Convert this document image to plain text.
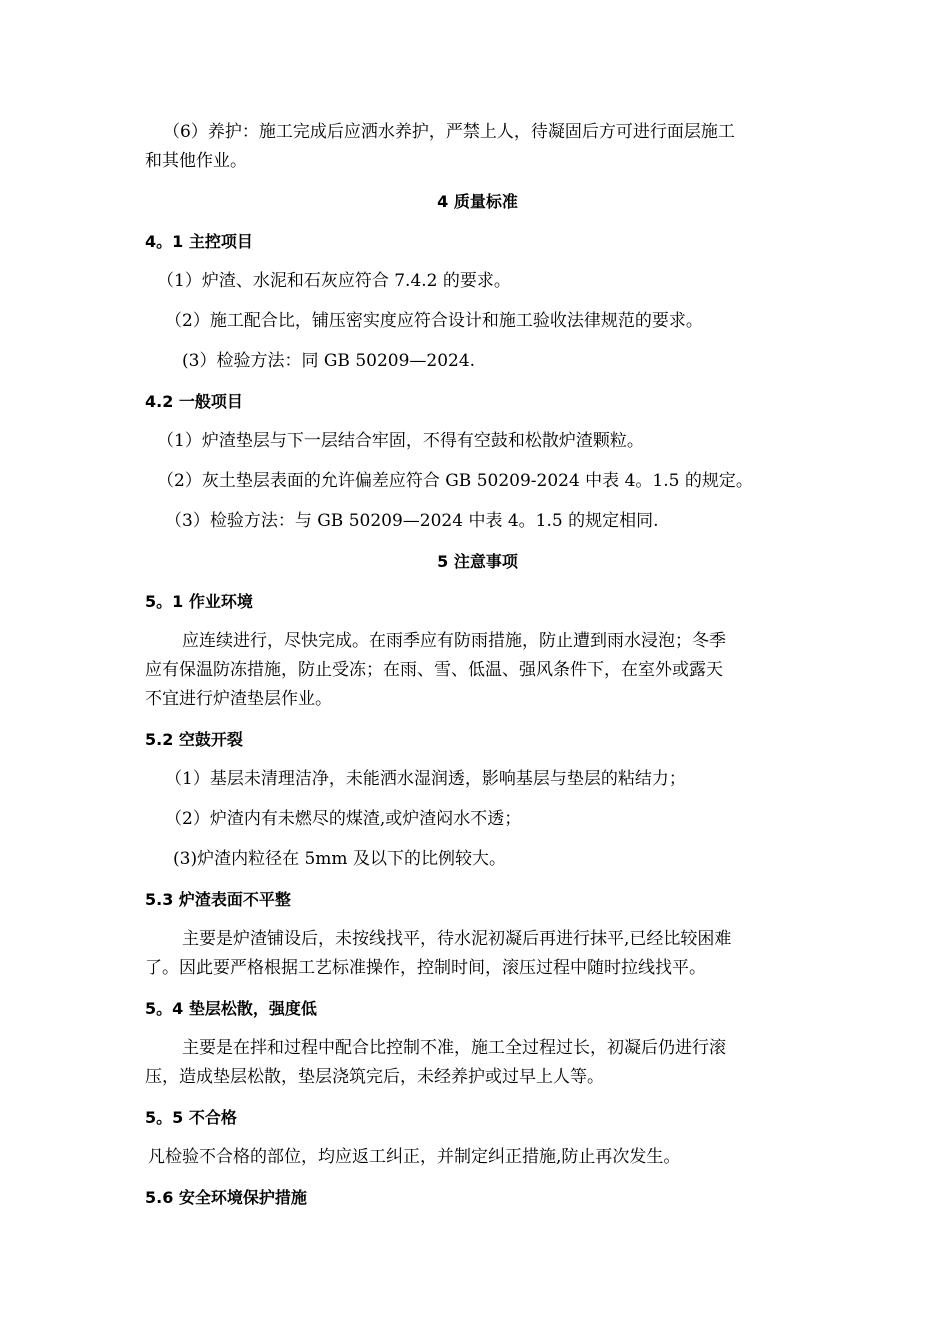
（6）养护：施工完成后应洒水养护，严禁上人，待凝固后方可进行面层施工
和其他作业。
4 质量标准
4。1 主控项目
（1）炉渣、水泥和石灰应符合 7.4.2 的要求。
（2）施工配合比，铺压密实度应符合设计和施工验收法律规范的要求。
(3）检验方法：同 GB 50209—2024.
4.2 一般项目
（1）炉渣垫层与下一层结合牢固，不得有空鼓和松散炉渣颗粒。
（2）灰土垫层表面的允许偏差应符合 GB 50209-2024 中表 4。1.5 的规定。
（3）检验方法：与 GB 50209—2024 中表 4。1.5 的规定相同.
5 注意事项
5。1 作业环境
应连续进行，尽快完成。在雨季应有防雨措施，防止遭到雨水浸泡；冬季
应有保温防冻措施，防止受冻；在雨、雪、低温、强风条件下，在室外或露天
不宜进行炉渣垫层作业。
5.2 空鼓开裂
（1）基层未清理洁净，未能洒水湿润透，影响基层与垫层的粘结力；
（2）炉渣内有未燃尽的煤渣,或炉渣闷水不透；
(3)炉渣内粒径在 5mm 及以下的比例较大。
5.3 炉渣表面不平整
主要是炉渣铺设后，未按线找平，待水泥初凝后再进行抹平,已经比较困难
了。因此要严格根据工艺标准操作，控制时间，滚压过程中随时拉线找平。
5。4 垫层松散，强度低
主要是在拌和过程中配合比控制不准，施工全过程过长，初凝后仍进行滚
压，造成垫层松散，垫层浇筑完后，未经养护或过早上人等。
5。5 不合格
凡检验不合格的部位，均应返工纠正，并制定纠正措施,防止再次发生。
5.6 安全环境保护措施
